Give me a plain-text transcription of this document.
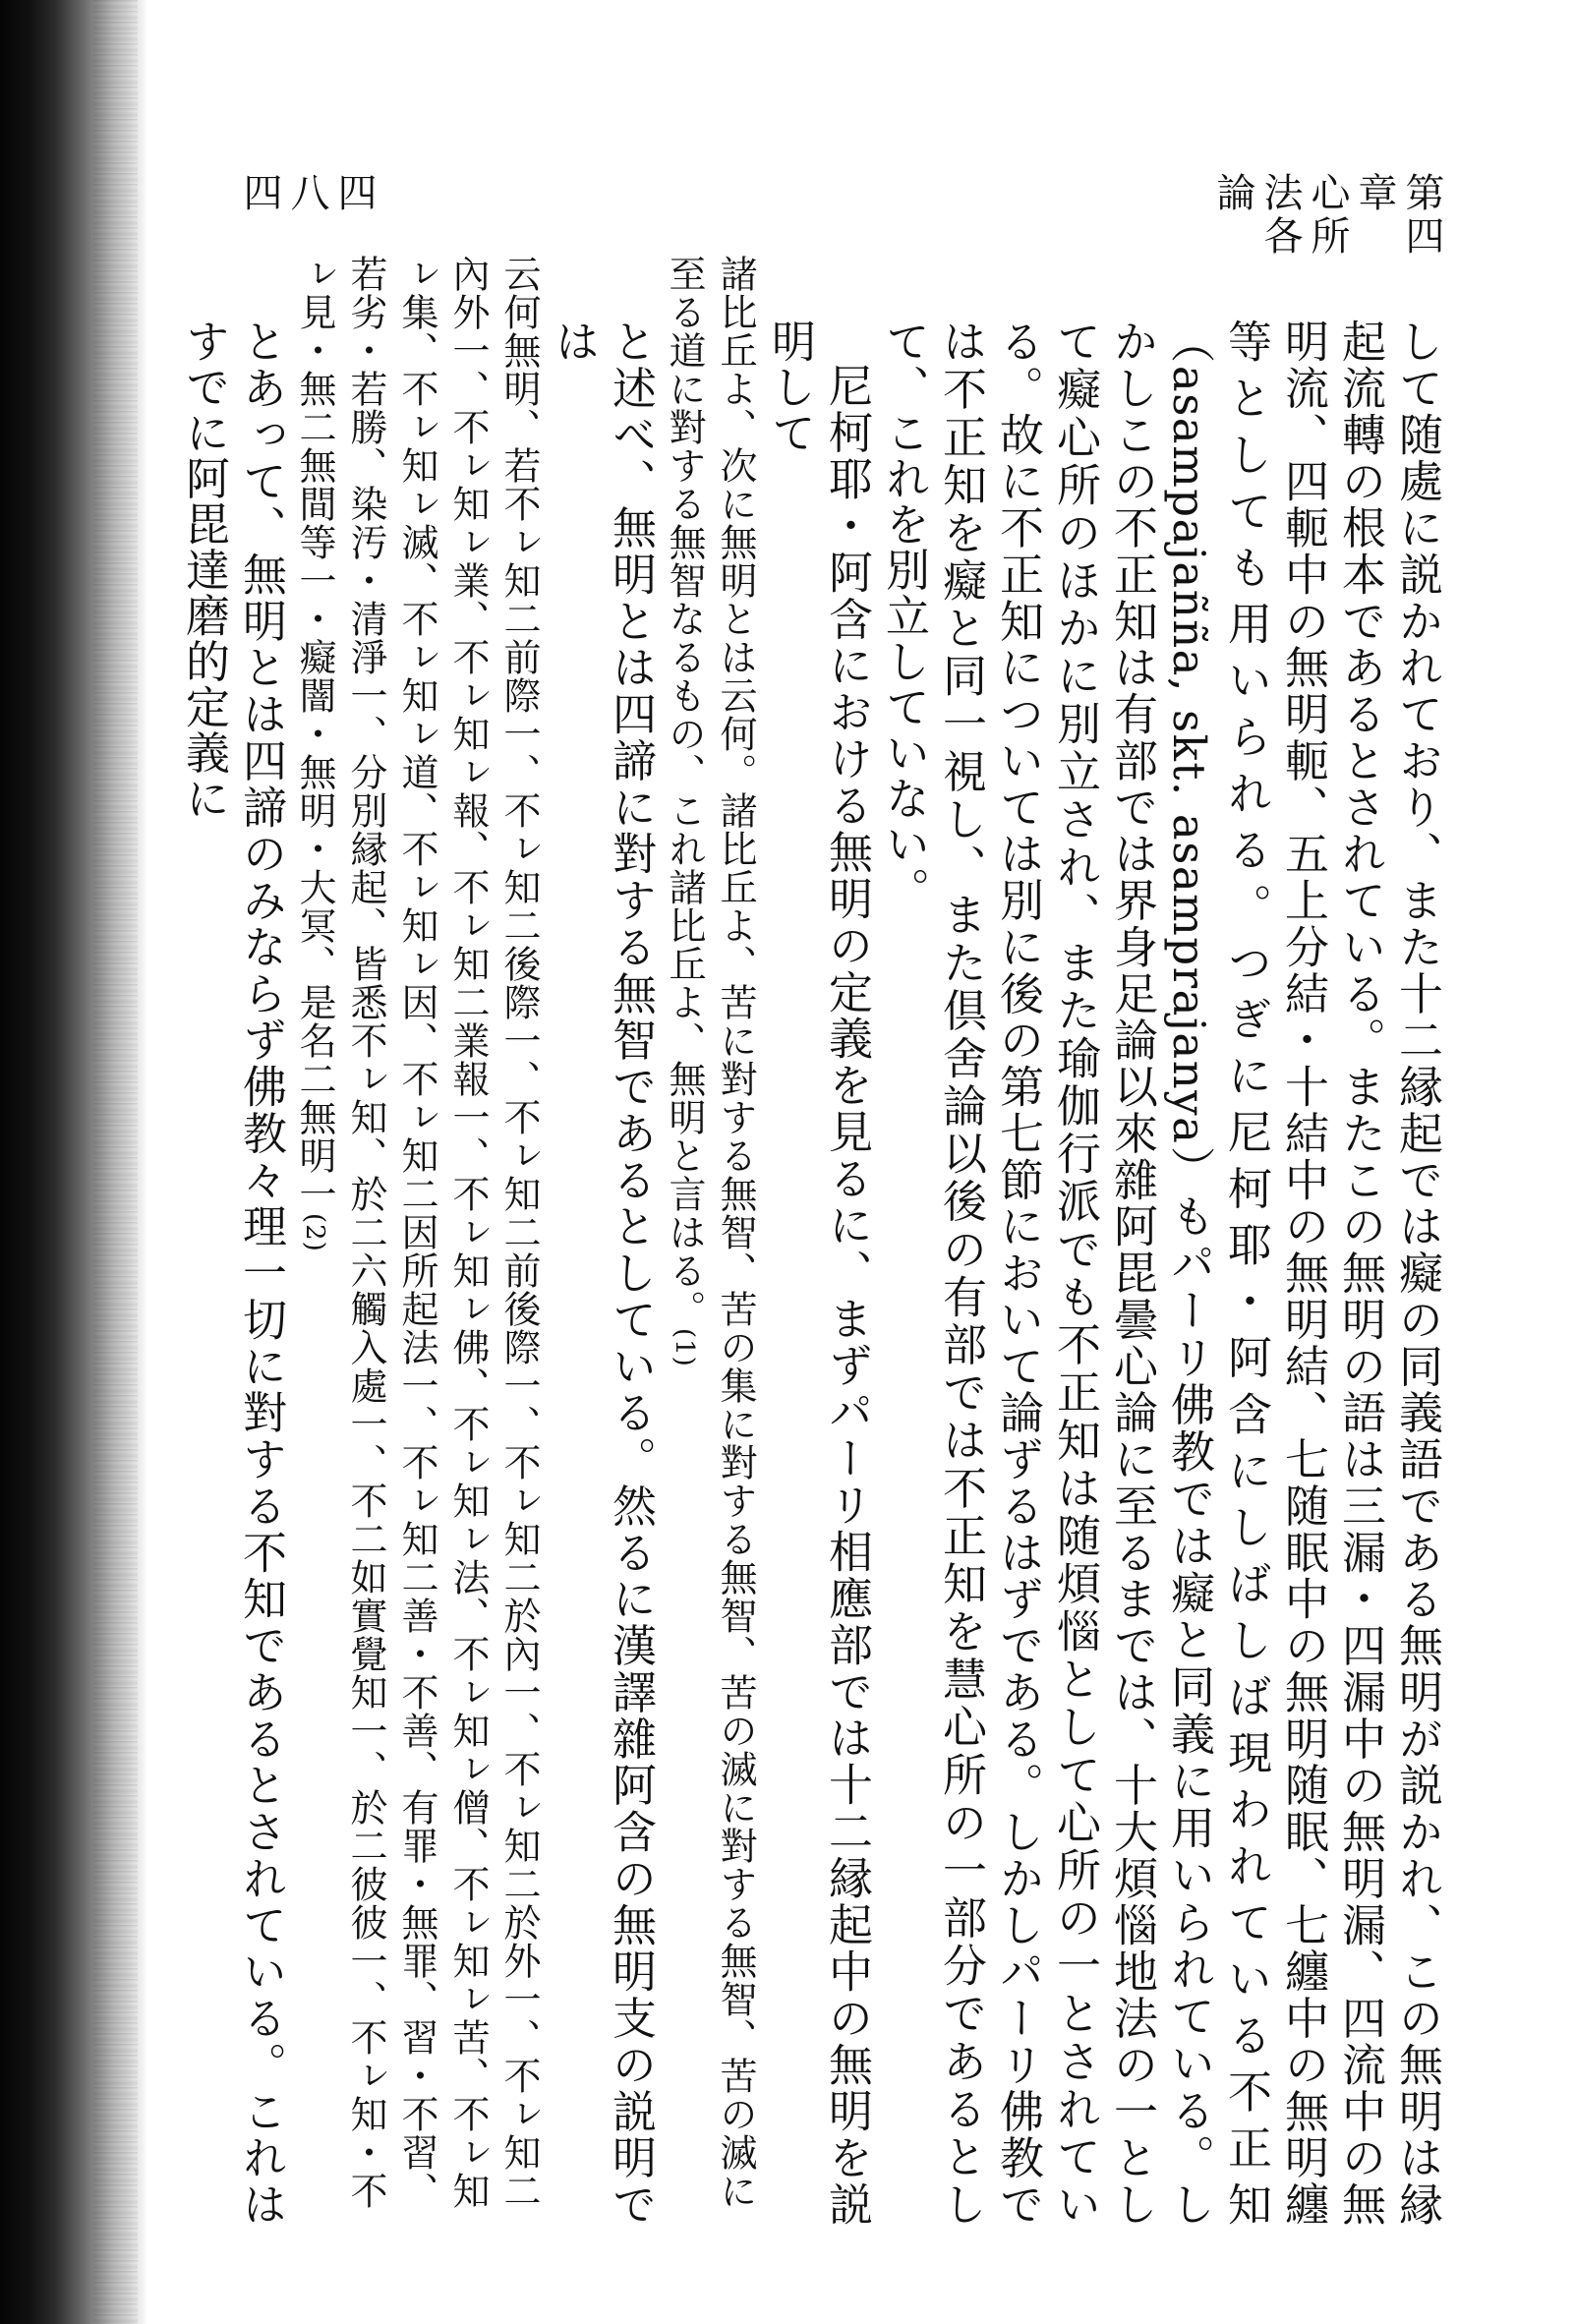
第四章　心所法各論
四八四

して随處に説かれており、また十二縁起では癡の同義語である無明が説かれ、この無明は縁起流轉の根本であるとされている。またこの無明の語は三漏・四漏中の無明漏、四流中の無明流、四軛中の無明軛、五上分結・十結中の無明結、七随眠中の無明随眠、七纏中の無明纏等としても用いられる。つぎに尼柯耶・阿含にしばしば現われている不正知（asampajañña, skt. asamprajanya）もパーリ佛教では癡と同義に用いられている。しかしこの不正知は有部では界身足論以來雜阿毘曇心論に至るまでは、十大煩惱地法の一として癡心所のほかに別立され、また瑜伽行派でも不正知は随煩惱として心所の一とされている。故に不正知については別に後の第七節において論ずるはずである。しかしパーリ佛教では不正知を癡と同一視し、また倶舍論以後の有部では不正知を慧心所の一部分であるとして、これを別立していない。

尼柯耶・阿含における無明の定義を見るに、まずパーリ相應部では十二縁起中の無明を説明して

諸比丘よ、次に無明とは云何。諸比丘よ、苦に對する無智、苦の集に對する無智、苦の滅に對する無智、苦の滅に至る道に對する無智なるもの、これ諸比丘よ、無明と言はる。(1)

と述べ、無明とは四諦に對する無智であるとしている。然るに漢譯雜阿含の無明支の説明では

云何無明、若不ㇾ知二前際一、不ㇾ知二後際一、不ㇾ知二前後際一、不ㇾ知二於內一、不ㇾ知二於外一、不ㇾ知二內外一、不ㇾ知ㇾ業、不ㇾ知ㇾ報、不ㇾ知二業報一、不ㇾ知ㇾ佛、不ㇾ知ㇾ法、不ㇾ知ㇾ僧、不ㇾ知ㇾ苦、不ㇾ知ㇾ集、不ㇾ知ㇾ滅、不ㇾ知ㇾ道、不ㇾ知ㇾ因、不ㇾ知二因所起法一、不ㇾ知二善・不善、有罪・無罪、習・不習、若劣・若勝、染汚・清淨一、分別縁起、皆悉不ㇾ知、於二六觸入處一、不二如實覺知一、於二彼彼一、不ㇾ知・不ㇾ見・無二無間等一・癡闇・無明・大冥、是名二無明一(2)

とあって、無明とは四諦のみならず佛教々理一切に對する不知であるとされている。これはすでに阿毘達磨的定義に
